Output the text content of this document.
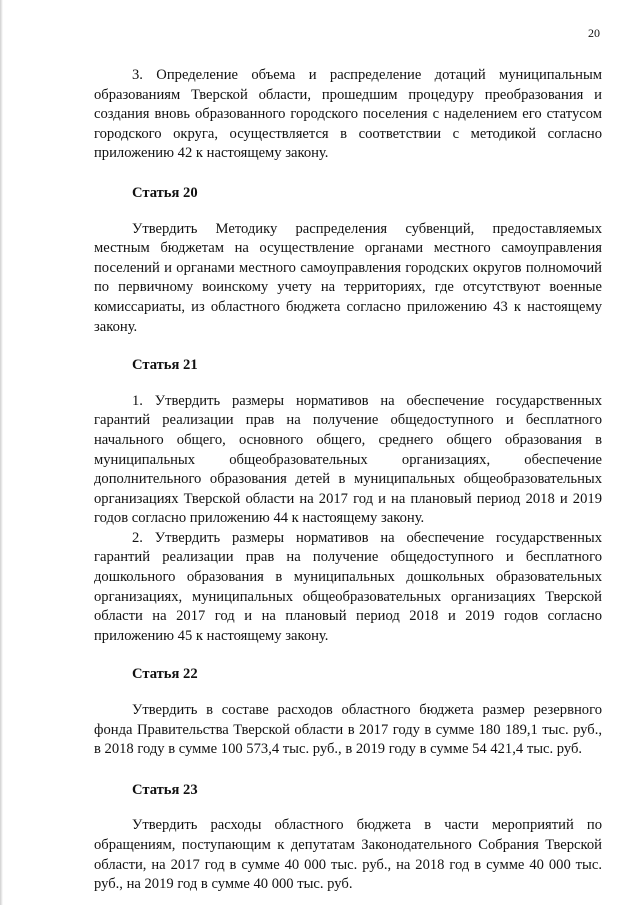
20

3. Определение объема и распределение дотаций муниципальным образованиям Тверской области, прошедшим процедуру преобразования и создания вновь образованного городского поселения с наделением его статусом городского округа, осуществляется в соответствии с методикой согласно приложению 42 к настоящему закону.

Статья 20

Утвердить Методику распределения субвенций, предоставляемых местным бюджетам на осуществление органами местного самоуправления поселений и органами местного самоуправления городских округов полномочий по первичному воинскому учету на территориях, где отсутствуют военные комиссариаты, из областного бюджета согласно приложению 43 к настоящему закону.

Статья 21

1. Утвердить размеры нормативов на обеспечение государственных гарантий реализации прав на получение общедоступного и бесплатного начального общего, основного общего, среднего общего образования в муниципальных общеобразовательных организациях, обеспечение дополнительного образования детей в муниципальных общеобразовательных организациях Тверской области на 2017 год и на плановый период 2018 и 2019 годов согласно приложению 44 к настоящему закону.

2. Утвердить размеры нормативов на обеспечение государственных гарантий реализации прав на получение общедоступного и бесплатного дошкольного образования в муниципальных дошкольных образовательных организациях, муниципальных общеобразовательных организациях Тверской области на 2017 год и на плановый период 2018 и 2019 годов согласно приложению 45 к настоящему закону.

Статья 22

Утвердить в составе расходов областного бюджета размер резервного фонда Правительства Тверской области в 2017 году в сумме 180 189,1 тыс. руб., в 2018 году в сумме 100 573,4 тыс. руб., в 2019 году в сумме 54 421,4 тыс. руб.

Статья 23

Утвердить расходы областного бюджета в части мероприятий по обращениям, поступающим к депутатам Законодательного Собрания Тверской области, на 2017 год в сумме 40 000 тыс. руб., на 2018 год в сумме 40 000 тыс. руб., на 2019 год в сумме 40 000 тыс. руб.
